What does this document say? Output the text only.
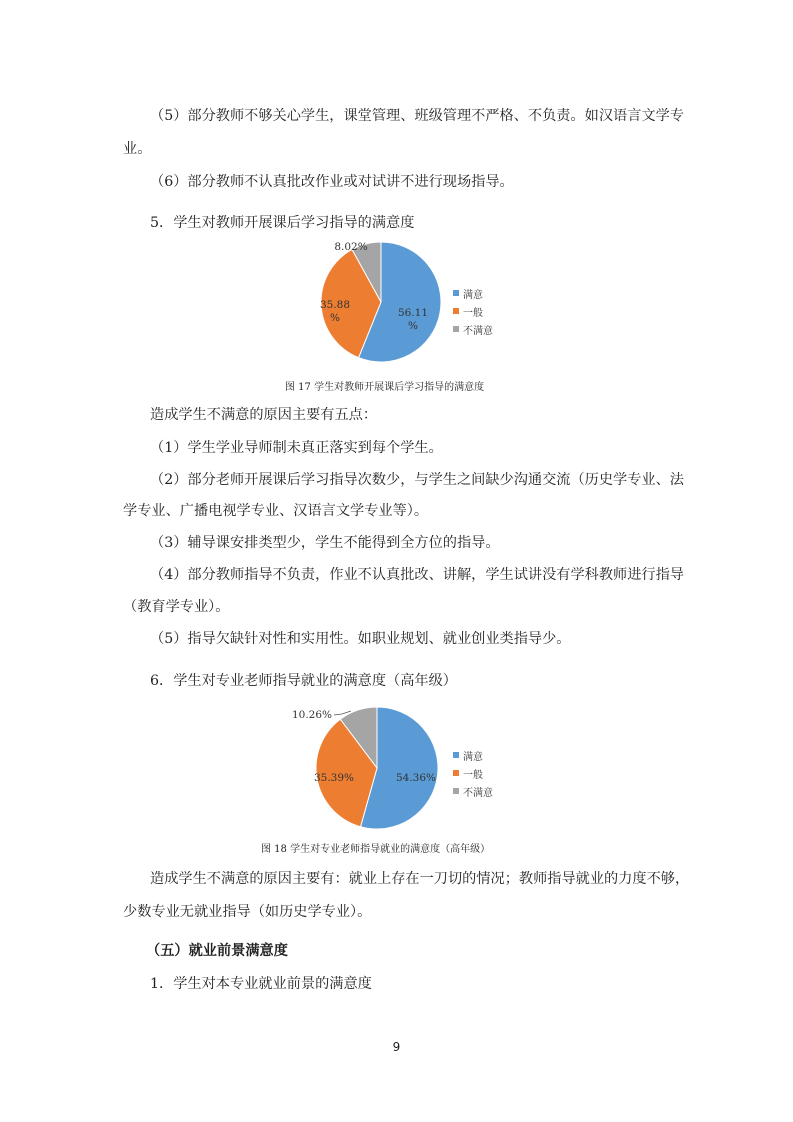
（5）部分教师不够关心学生，课堂管理、班级管理不严格、不负责。如汉语言文学专
业。
（6）部分教师不认真批改作业或对试讲不进行现场指导。
5．学生对教师开展课后学习指导的满意度
56.11 %
35.88 %
8.02%
满意
一般
不满意
图 17 学生对教师开展课后学习指导的满意度
造成学生不满意的原因主要有五点：
（1）学生学业导师制未真正落实到每个学生。
（2）部分老师开展课后学习指导次数少，与学生之间缺少沟通交流（历史学专业、法
学专业、广播电视学专业、汉语言文学专业等）。
（3）辅导课安排类型少，学生不能得到全方位的指导。
（4）部分教师指导不负责，作业不认真批改、讲解，学生试讲没有学科教师进行指导
（教育学专业）。
（5）指导欠缺针对性和实用性。如职业规划、就业创业类指导少。
6．学生对专业老师指导就业的满意度（高年级）
54.36%
35.39%
10.26%
满意
一般
不满意
图 18 学生对专业老师指导就业的满意度（高年级）
造成学生不满意的原因主要有：就业上存在一刀切的情况；教师指导就业的力度不够，
少数专业无就业指导（如历史学专业）。
（五）就业前景满意度
1．学生对本专业就业前景的满意度
9
